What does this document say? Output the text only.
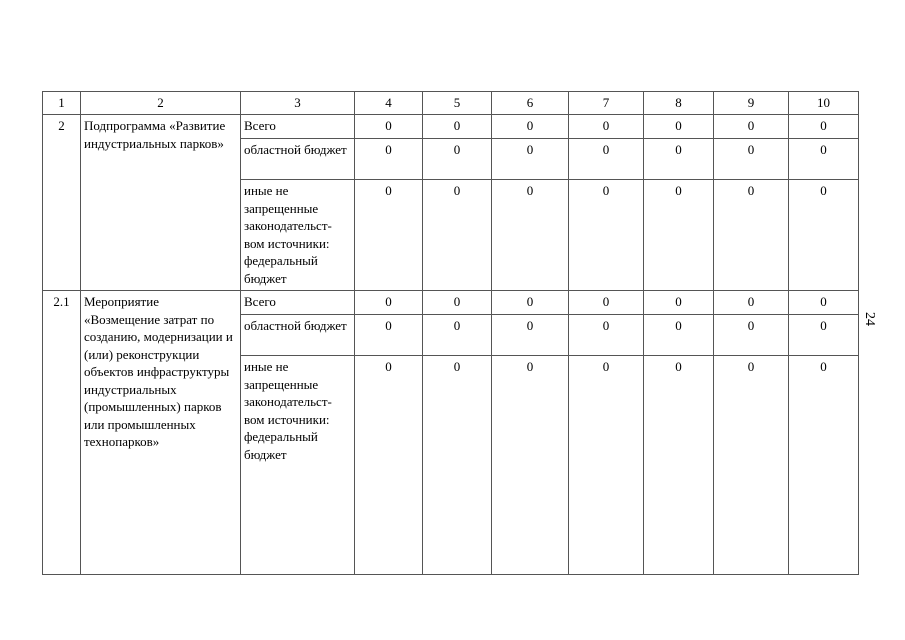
1	2	3	4	5	6	7	8	9	10
2	Подпрограмма «Развитие индустриальных парков»	Всего	0	0	0	0	0	0	0
		областной бюджет	0	0	0	0	0	0	0
		иные не запрещенные законодательст-вом источники: федеральный бюджет	0	0	0	0	0	0	0
2.1	Мероприятие «Возмещение затрат по созданию, модернизации и (или) реконструкции объектов инфраструктуры индустриальных (промышленных) парков или промышленных технопарков»	Всего	0	0	0	0	0	0	0
		областной бюджет	0	0	0	0	0	0	0
		иные не запрещенные законодательст-вом источники: федеральный бюджет	0	0	0	0	0	0	0
24
